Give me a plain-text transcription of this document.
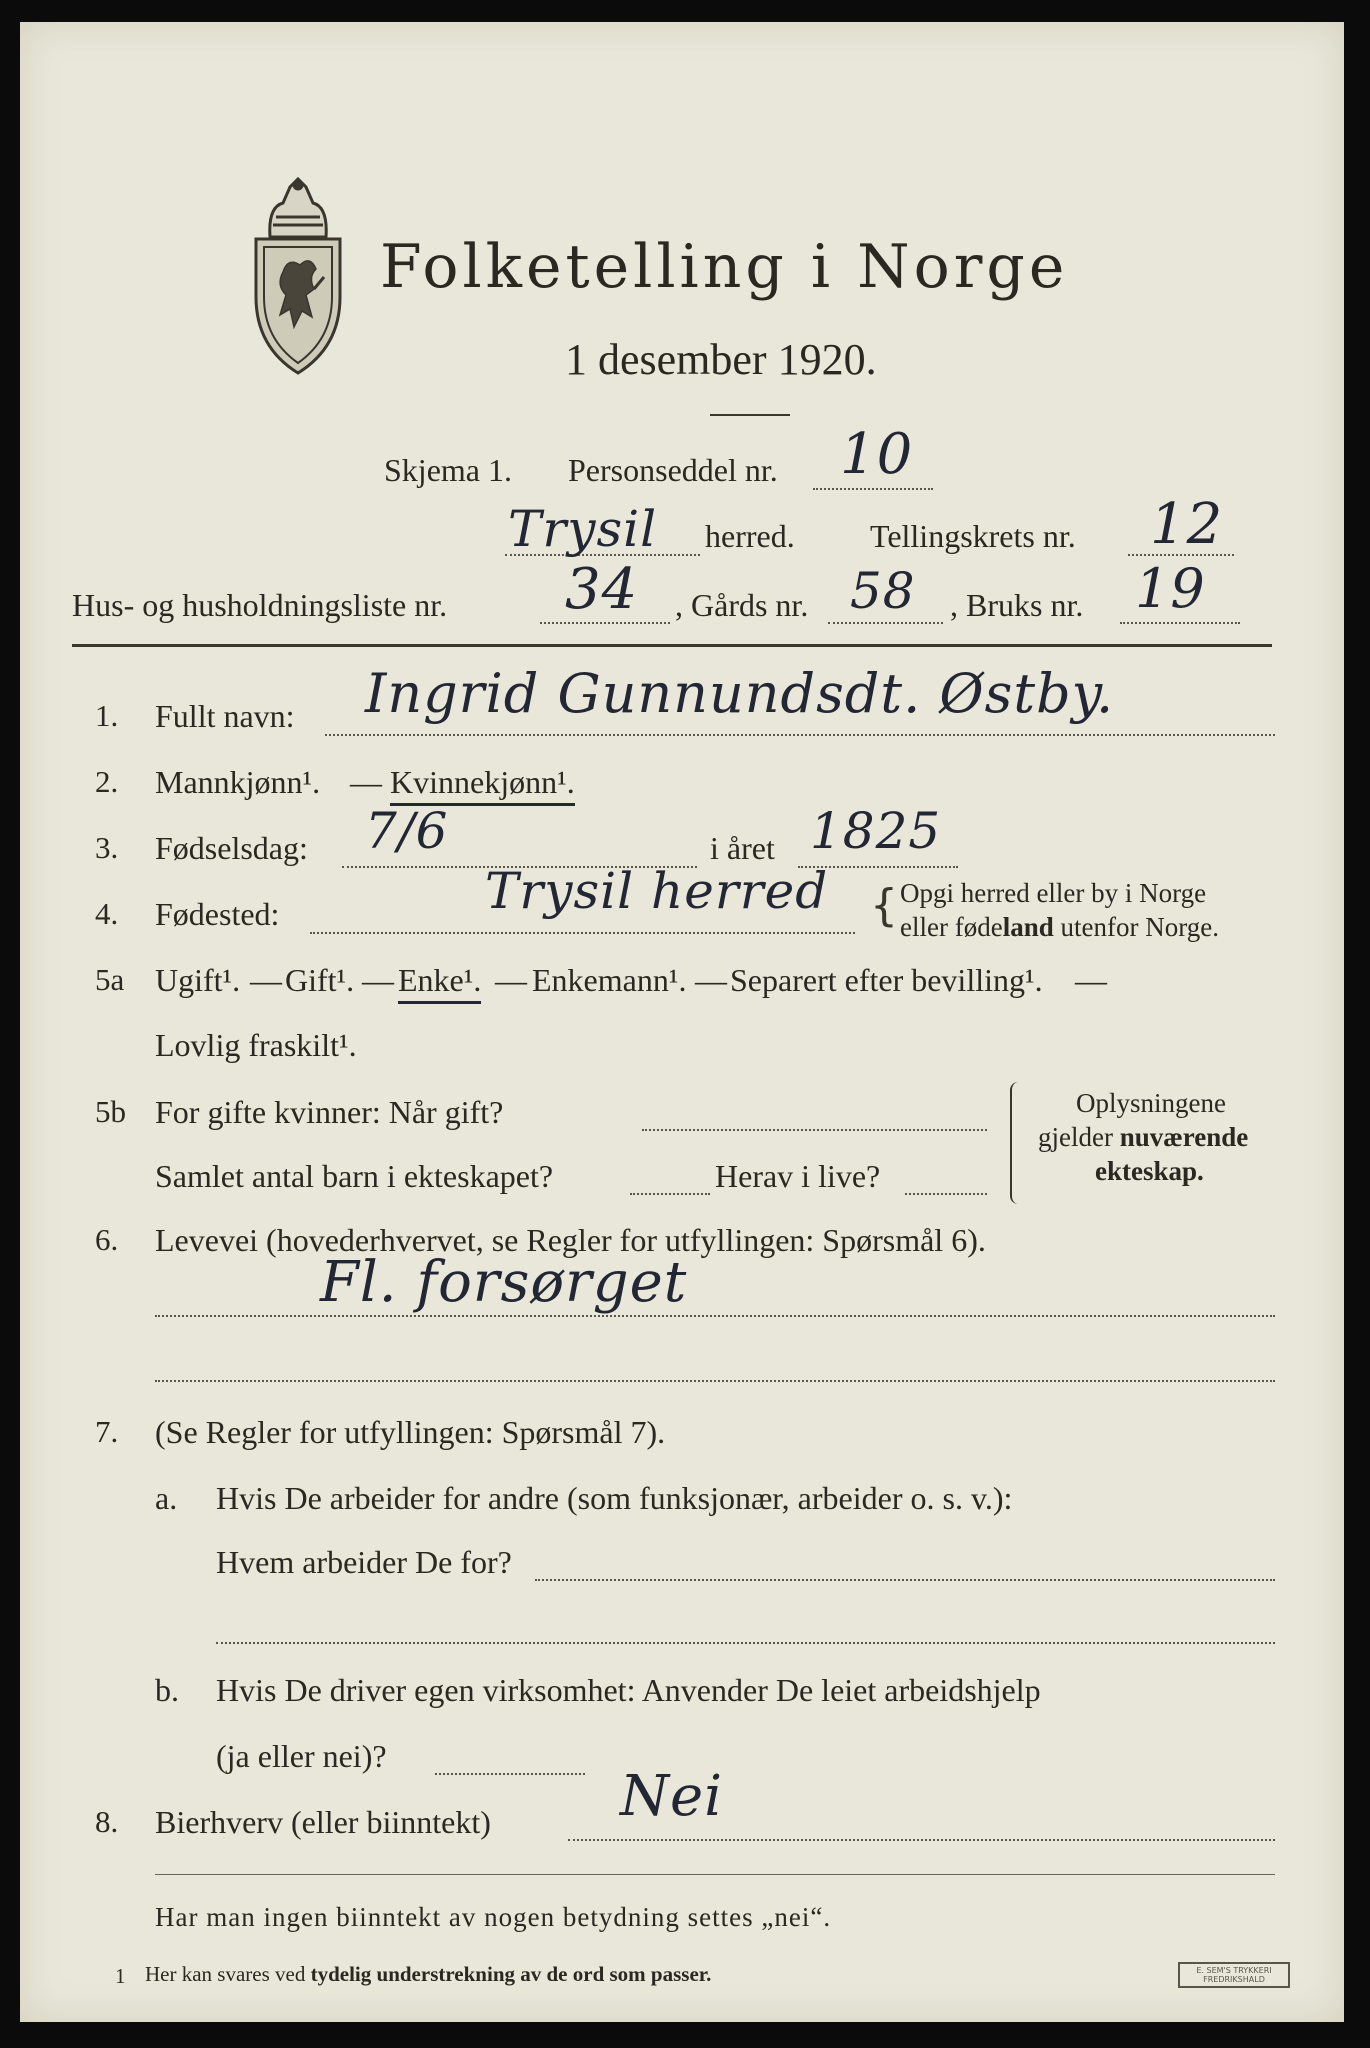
Folketelling i Norge
1 desember 1920.
Skjema 1. Personseddel nr. 10
Trysil herred. Tellingskrets nr. 12
Hus- og husholdningsliste nr. 34 , Gårds nr. 58 , Bruks nr. 19
1. Fullt navn: Ingrid Gunnundsdt. Østby.
2. Mannkjønn¹. — Kvinnekjønn¹.
3. Fødselsdag: 7/6	i året 1825
4. Fødested:	Trysil herred { Opgi herred eller by i Norge
eller fødeland utenfor Norge.
5a Ugift¹. — Gift¹. — Enke¹. — Enkemann¹. — Separert efter bevilling¹. —
Lovlig fraskilt¹.
5b For gifte kvinner: Når gift?
Samlet antal barn i ekteskapet?	Herav i live?
Oplysningene
gjelder nuværende
ekteskap.
6. Levevei (hovederhvervet, se Regler for utfyllingen: Spørsmål 6).
Fl. forsørget
7. (Se Regler for utfyllingen: Spørsmål 7).
a. Hvis De arbeider for andre (som funksjonær, arbeider o. s. v.):
Hvem arbeider De for?
b. Hvis De driver egen virksomhet: Anvender De leiet arbeidshjelp
(ja eller nei)?
8. Bierhverv (eller biinntekt) Nei
Har man ingen biinntekt av nogen betydning settes „nei“.
1 Her kan svares ved tydelig understrekning av de ord som passer.	E. SEM'S TRYKKERI
FREDRIKSHALD
